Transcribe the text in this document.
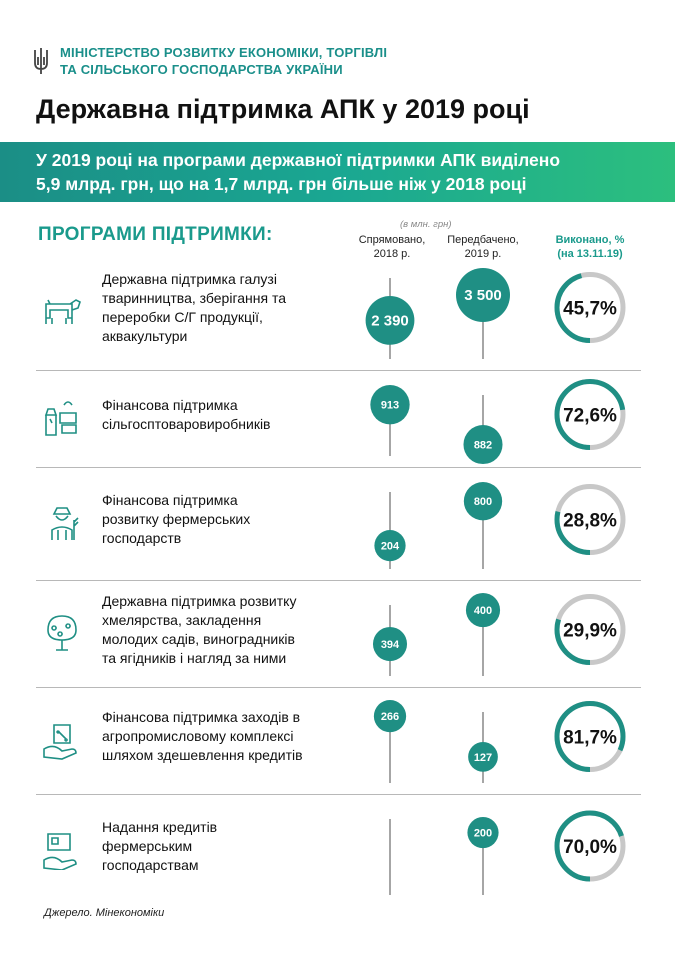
МІНІСТЕРСТВО РОЗВИТКУ ЕКОНОМІКИ, ТОРГІВЛІ
ТА СІЛЬСЬКОГО ГОСПОДАРСТВА УКРАЇНИ
Державна підтримка АПК у 2019 році
У 2019 році на програми державної підтримки АПК виділено
5,9 млрд. грн, що на 1,7 млрд. грн більше ніж у 2018 році
ПРОГРАМИ ПІДТРИМКИ:	(в млн. грн)
Спрямовано,
2018 р.
Передбачено,
2019 р.
Виконано, %
(на 13.11.19)
Державна підтримка галузі
тваринництва, зберігання та
переробки С/Г продукції,
аквакультури
Фінансова підтримка
сільгосптоваровиробників
Фінансова підтримка
розвитку фермерських
господарств
Державна підтримка розвитку
хмелярства, закладення
молодих садів, виноградників
та ягідників і нагляд за ними
Фінансова підтримка заходів в
агропромисловому комплексі
шляхом здешевлення кредитів
Надання кредитів
фермерським
господарствам
2 390
3 500
45,7%
913
882
72,6%
204
800
28,8%
394
400
29,9%
266
127
81,7%
200
70,0%
Джерело. Мінекономіки
